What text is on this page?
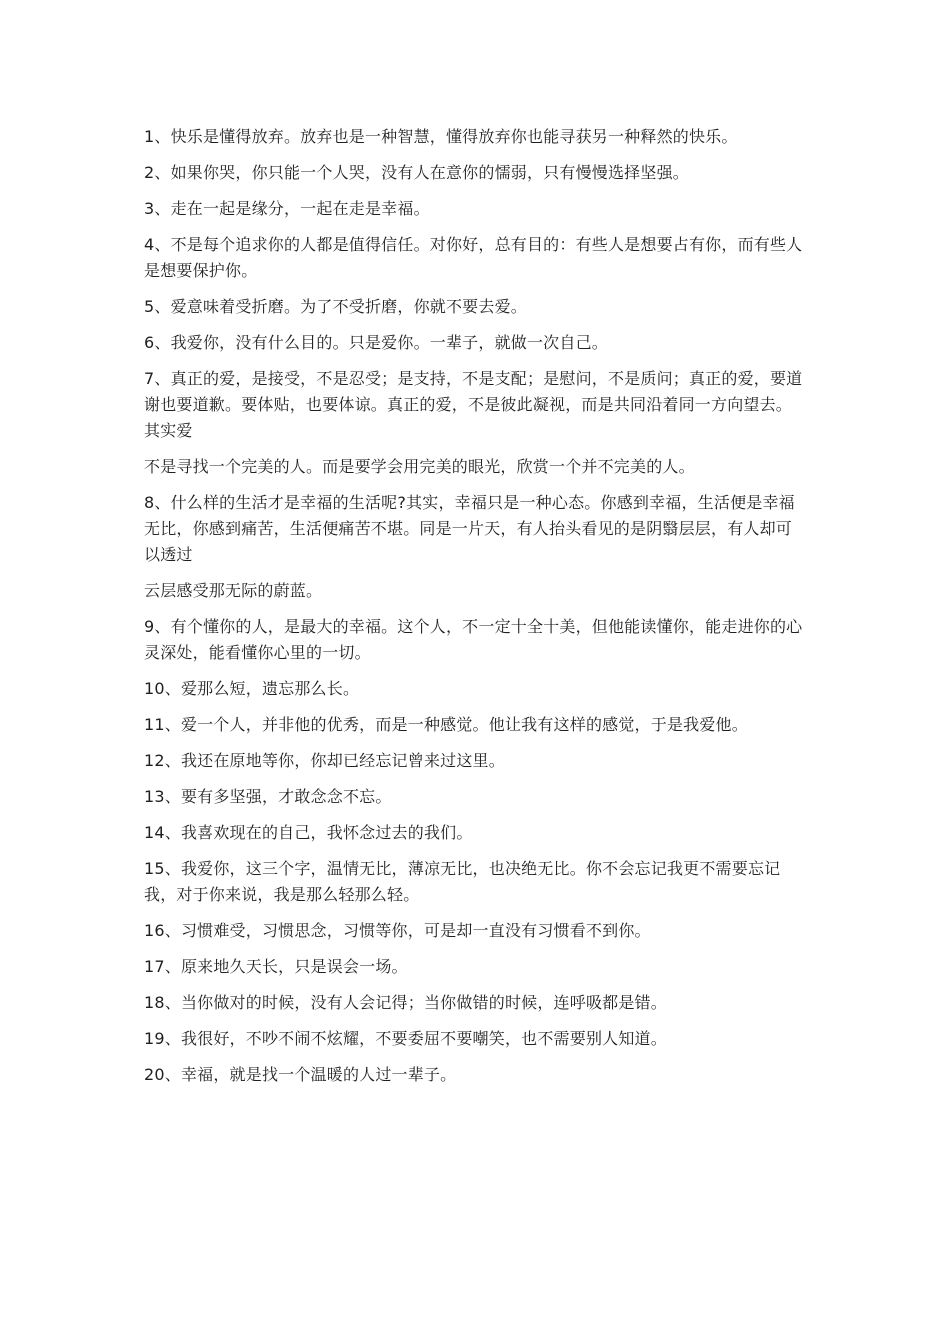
1、快乐是懂得放弃。放弃也是一种智慧，懂得放弃你也能寻获另一种释然的快乐。

2、如果你哭，你只能一个人哭，没有人在意你的懦弱，只有慢慢选择坚强。

3、走在一起是缘分，一起在走是幸福。

4、不是每个追求你的人都是值得信任。对你好，总有目的：有些人是想要占有你，而有些人是想要保护你。

5、爱意味着受折磨。为了不受折磨，你就不要去爱。

6、我爱你，没有什么目的。只是爱你。一辈子，就做一次自己。

7、真正的爱，是接受，不是忍受；是支持，不是支配；是慰问，不是质问；真正的爱，要道谢也要道歉。要体贴，也要体谅。真正的爱，不是彼此凝视，而是共同沿着同一方向望去。其实爱

不是寻找一个完美的人。而是要学会用完美的眼光，欣赏一个并不完美的人。

8、什么样的生活才是幸福的生活呢?其实，幸福只是一种心态。你感到幸福，生活便是幸福无比，你感到痛苦，生活便痛苦不堪。同是一片天，有人抬头看见的是阴翳层层，有人却可以透过

云层感受那无际的蔚蓝。

9、有个懂你的人，是最大的幸福。这个人，不一定十全十美，但他能读懂你，能走进你的心灵深处，能看懂你心里的一切。

10、爱那么短，遗忘那么长。

11、爱一个人，并非他的优秀，而是一种感觉。他让我有这样的感觉，于是我爱他。

12、我还在原地等你，你却已经忘记曾来过这里。

13、要有多坚强，才敢念念不忘。

14、我喜欢现在的自己，我怀念过去的我们。

15、我爱你，这三个字，温情无比，薄凉无比，也决绝无比。你不会忘记我更不需要忘记我，对于你来说，我是那么轻那么轻。

16、习惯难受，习惯思念，习惯等你，可是却一直没有习惯看不到你。

17、原来地久天长，只是误会一场。

18、当你做对的时候，没有人会记得；当你做错的时候，连呼吸都是错。

19、我很好，不吵不闹不炫耀，不要委屈不要嘲笑，也不需要别人知道。

20、幸福，就是找一个温暖的人过一辈子。
